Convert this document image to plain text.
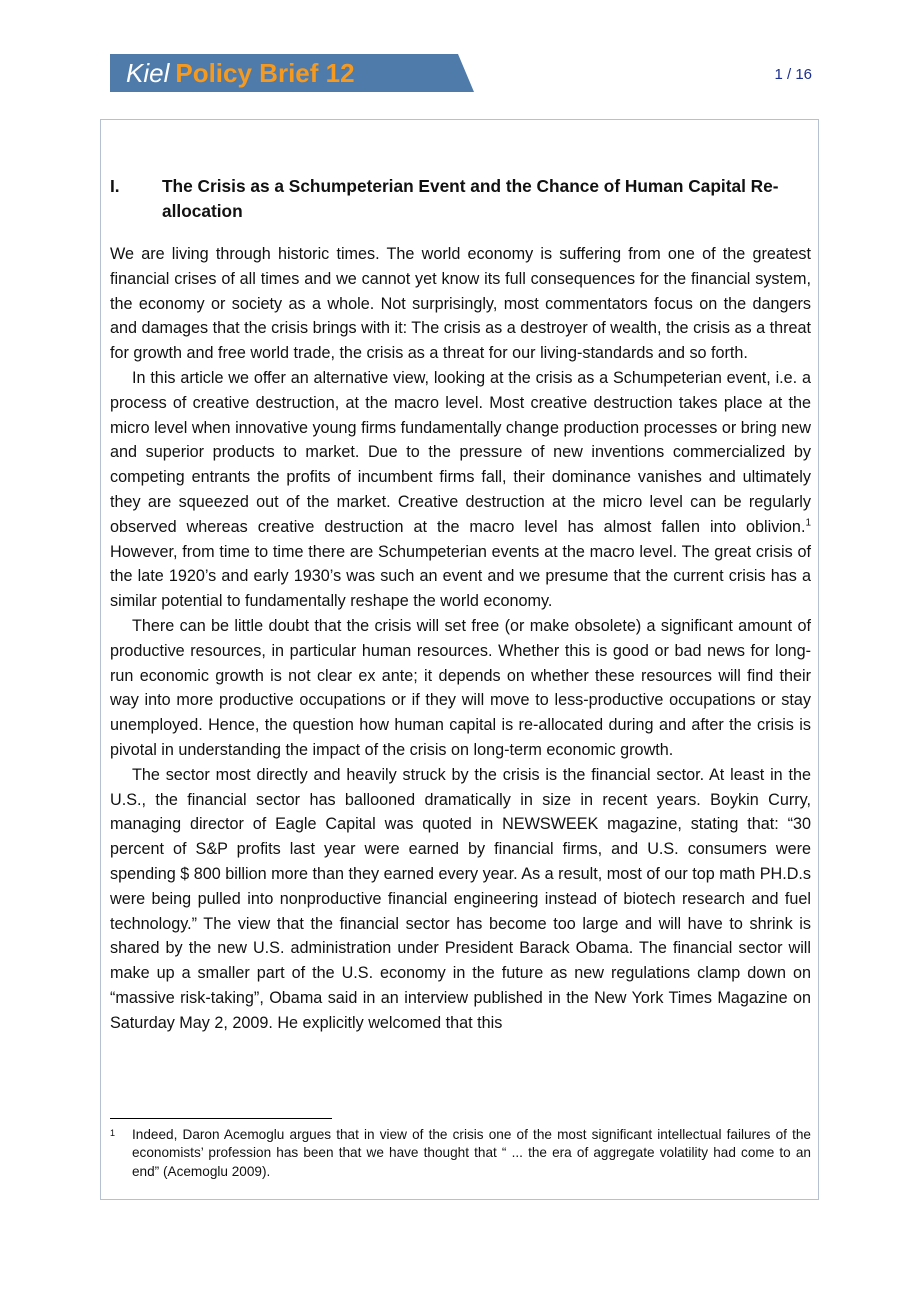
Kiel Policy Brief 12	1 / 16
I. The Crisis as a Schumpeterian Event and the Chance of Human Capital Re-allocation

We are living through historic times. The world economy is suffering from one of the greatest financial crises of all times and we cannot yet know its full consequences for the financial system, the economy or society as a whole. Not surprisingly, most commentators focus on the dangers and damages that the crisis brings with it: The crisis as a destroyer of wealth, the crisis as a threat for growth and free world trade, the crisis as a threat for our living-standards and so forth.

In this article we offer an alternative view, looking at the crisis as a Schumpeterian event, i.e. a process of creative destruction, at the macro level. Most creative destruction takes place at the micro level when innovative young firms fundamentally change production processes or bring new and superior products to market. Due to the pressure of new inventions commercialized by competing entrants the profits of incumbent firms fall, their dominance vanishes and ultimately they are squeezed out of the market. Creative destruction at the micro level can be regularly observed whereas creative destruction at the macro level has almost fallen into oblivion.$^1$ However, from time to time there are Schumpeterian events at the macro level. The great crisis of the late 1920’s and early 1930’s was such an event and we presume that the current crisis has a similar potential to fundamentally reshape the world economy.

There can be little doubt that the crisis will set free (or make obsolete) a significant amount of productive resources, in particular human resources. Whether this is good or bad news for long-run economic growth is not clear ex ante; it depends on whether these resources will find their way into more productive occupations or if they will move to less-productive occupations or stay unemployed. Hence, the question how human capital is re-allocated during and after the crisis is pivotal in understanding the impact of the crisis on long-term economic growth.

The sector most directly and heavily struck by the crisis is the financial sector. At least in the U.S., the financial sector has ballooned dramatically in size in recent years. Boykin Curry, managing director of Eagle Capital was quoted in NEWSWEEK magazine, stating that: “30 percent of S&P profits last year were earned by financial firms, and U.S. consumers were spending $ 800 billion more than they earned every year. As a result, most of our top math PH.D.s were being pulled into nonproductive financial engineering instead of biotech research and fuel technology.” The view that the financial sector has become too large and will have to shrink is shared by the new U.S. administration under President Barack Obama. The financial sector will make up a smaller part of the U.S. economy in the future as new regulations clamp down on “massive risk-taking”, Obama said in an interview published in the New York Times Magazine on Saturday May 2, 2009. He explicitly welcomed that this

1 Indeed, Daron Acemoglu argues that in view of the crisis one of the most significant intellectual failures of the economists’ profession has been that we have thought that “ ... the era of aggregate volatility had come to an end” (Acemoglu 2009).
